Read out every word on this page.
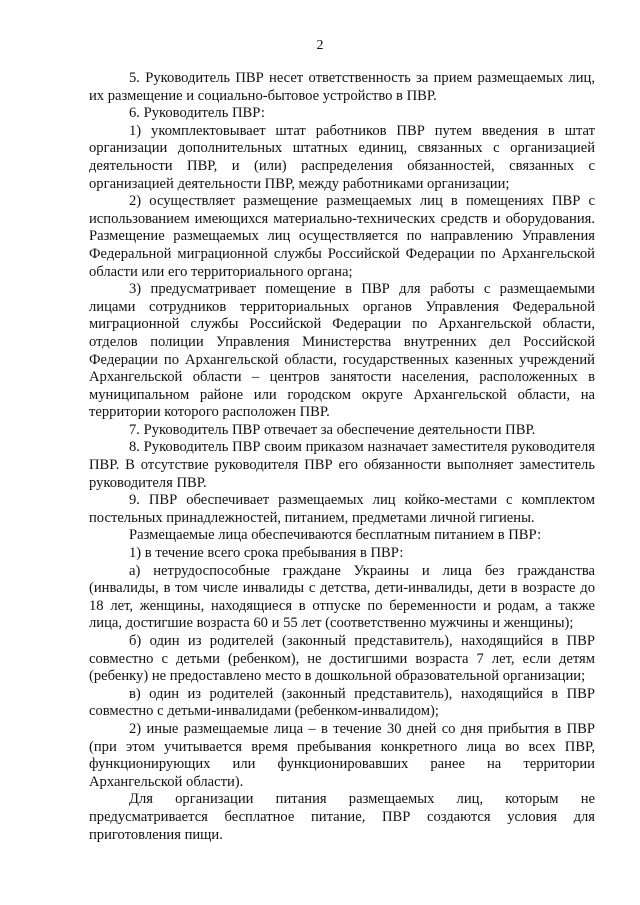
2

5. Руководитель ПВР несет ответственность за прием размещаемых лиц, их размещение и социально-бытовое устройство в ПВР.

6. Руководитель ПВР:

1) укомплектовывает штат работников ПВР путем введения в штат организации дополнительных штатных единиц, связанных с организацией деятельности ПВР, и (или) распределения обязанностей, связанных с организацией деятельности ПВР, между работниками организации;

2) осуществляет размещение размещаемых лиц в помещениях ПВР с использованием имеющихся материально-технических средств и оборудования. Размещение размещаемых лиц осуществляется по направлению Управления Федеральной миграционной службы Российской Федерации по Архангельской области или его территориального органа;

3) предусматривает помещение в ПВР для работы с размещаемыми лицами сотрудников территориальных органов Управления Федеральной миграционной службы Российской Федерации по Архангельской области, отделов полиции Управления Министерства внутренних дел Российской Федерации по Архангельской области, государственных казенных учреждений Архангельской области – центров занятости населения, расположенных в муниципальном районе или городском округе Архангельской области, на территории которого расположен ПВР.

7. Руководитель ПВР отвечает за обеспечение деятельности ПВР.

8. Руководитель ПВР своим приказом назначает заместителя руководителя ПВР. В отсутствие руководителя ПВР его обязанности выполняет заместитель руководителя ПВР.

9. ПВР обеспечивает размещаемых лиц койко-местами с комплектом постельных принадлежностей, питанием, предметами личной гигиены.

Размещаемые лица обеспечиваются бесплатным питанием в ПВР:

1) в течение всего срока пребывания в ПВР:

а) нетрудоспособные граждане Украины и лица без гражданства (инвалиды, в том числе инвалиды с детства, дети-инвалиды, дети в возрасте до 18 лет, женщины, находящиеся в отпуске по беременности и родам, а также лица, достигшие возраста 60 и 55 лет (соответственно мужчины и женщины);

б) один из родителей (законный представитель), находящийся в ПВР совместно с детьми (ребенком), не достигшими возраста 7 лет, если детям (ребенку) не предоставлено место в дошкольной образовательной организации;

в) один из родителей (законный представитель), находящийся в ПВР совместно с детьми-инвалидами (ребенком-инвалидом);

2) иные размещаемые лица – в течение 30 дней со дня прибытия в ПВР (при этом учитывается время пребывания конкретного лица во всех ПВР, функционирующих или функционировавших ранее на территории Архангельской области).

Для организации питания размещаемых лиц, которым не предусматривается бесплатное питание, ПВР создаются условия для приготовления пищи.
